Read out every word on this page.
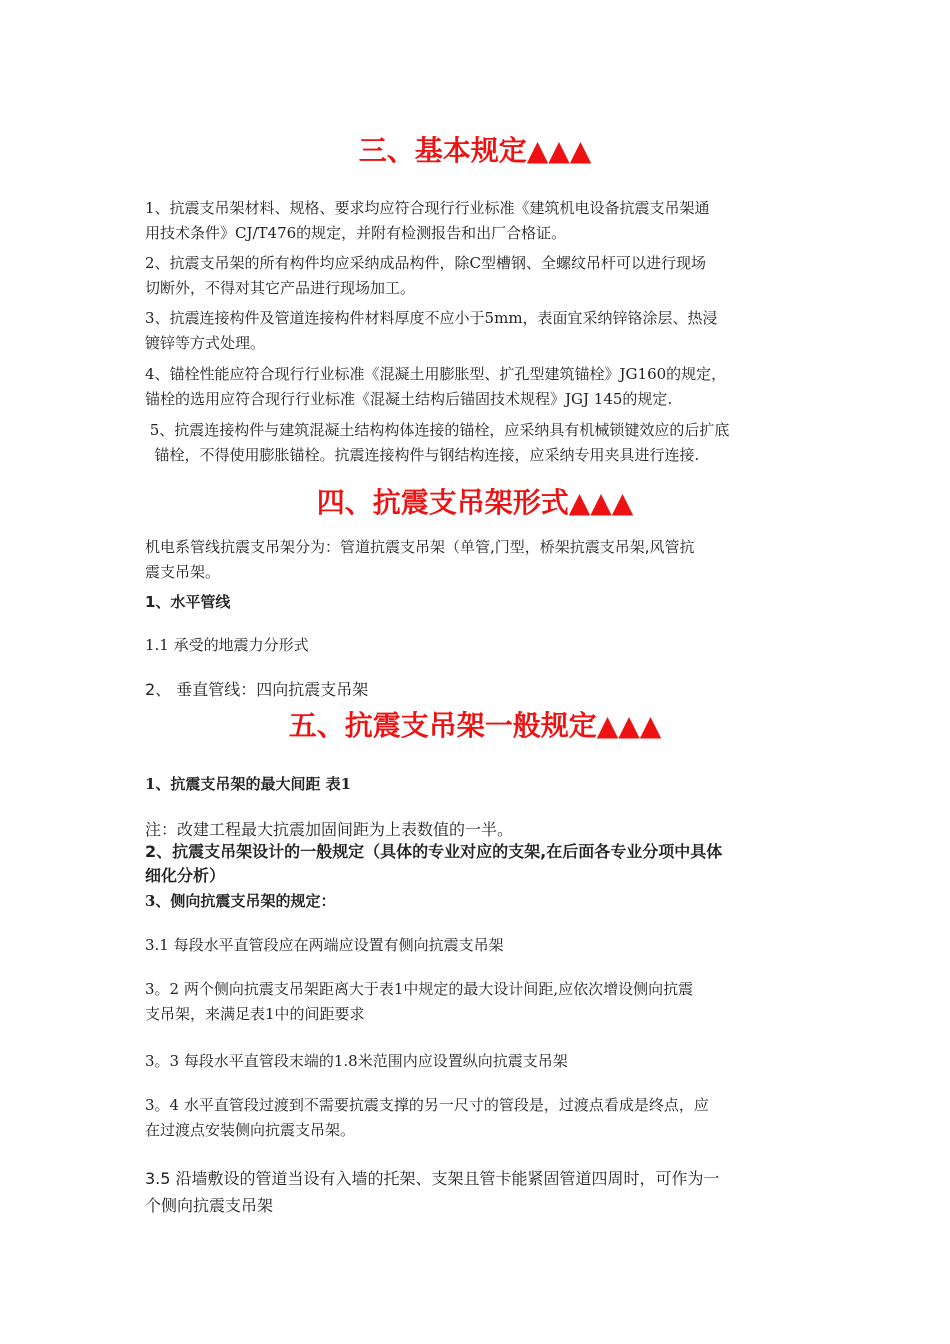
三、基本规定▲▲▲
1、抗震支吊架材料、规格、要求均应符合现行行业标准《建筑机电设备抗震支吊架通
用技术条件》CJ/T476的规定，并附有检测报告和出厂合格证。
2、抗震支吊架的所有构件均应采纳成品构件，除C型槽钢、全螺纹吊杆可以进行现场
切断外，不得对其它产品进行现场加工。
3、抗震连接构件及管道连接构件材料厚度不应小于5mm，表面宜采纳锌铬涂层、热浸
镀锌等方式处理。
4、锚栓性能应符合现行行业标准《混凝土用膨胀型、扩孔型建筑锚栓》JG160的规定，
锚栓的选用应符合现行行业标准《混凝土结构后锚固技术规程》JGJ 145的规定.
5、抗震连接构件与建筑混凝土结构构体连接的锚栓，应采纳具有机械锁键效应的后扩底
锚栓，不得使用膨胀锚栓。抗震连接构件与钢结构连接，应采纳专用夹具进行连接.
四、抗震支吊架形式▲▲▲
机电系管线抗震支吊架分为：管道抗震支吊架（单管,门型，桥架抗震支吊架,风管抗
震支吊架。
1、水平管线
1.1 承受的地震力分形式
2、 垂直管线：四向抗震支吊架
五、抗震支吊架一般规定▲▲▲
1、抗震支吊架的最大间距 表1
注：改建工程最大抗震加固间距为上表数值的一半。
2、抗震支吊架设计的一般规定（具体的专业对应的支架,在后面各专业分项中具体
细化分析）
3、侧向抗震支吊架的规定：
3.1 每段水平直管段应在两端应设置有侧向抗震支吊架
3。2 两个侧向抗震支吊架距离大于表1中规定的最大设计间距,应依次增设侧向抗震
支吊架，来满足表1中的间距要求
3。3 每段水平直管段末端的1.8米范围内应设置纵向抗震支吊架
3。4 水平直管段过渡到不需要抗震支撑的另一尺寸的管段是，过渡点看成是终点，应
在过渡点安装侧向抗震支吊架。
3.5 沿墙敷设的管道当设有入墙的托架、支架且管卡能紧固管道四周时，可作为一
个侧向抗震支吊架
